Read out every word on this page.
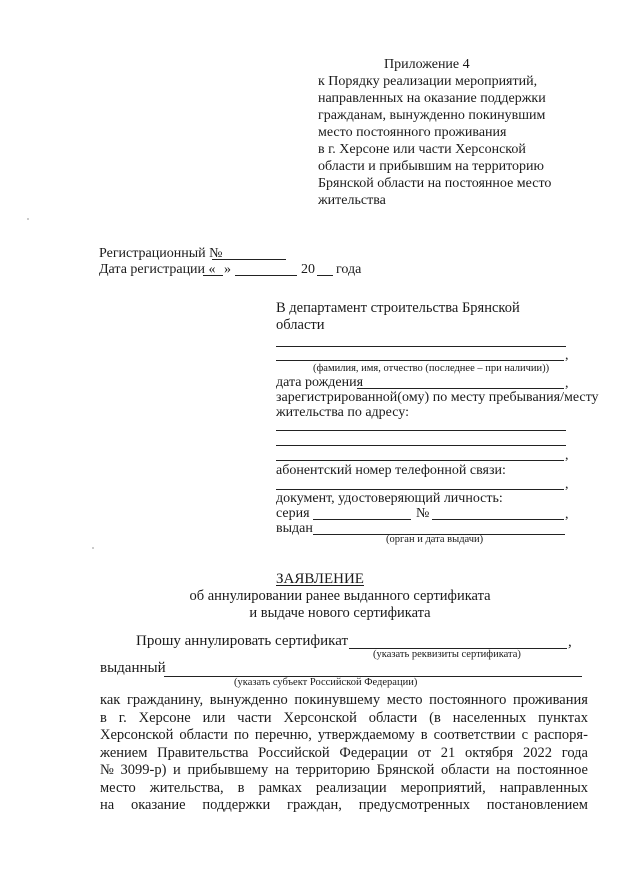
Приложение 4
к Порядку реализации мероприятий,
направленных на оказание поддержки
гражданам, вынужденно покинувшим
место постоянного проживания
в г. Херсоне или части Херсонской
области и прибывшим на территорию
Брянской области на постоянное место
жительства
Регистрационный №
Дата регистрации « »	20 года
В департамент строительства Брянской
области
,
(фамилия, имя, отчество (последнее – при наличии))
дата рождения	,
зарегистрированной(ому) по месту пребывания/месту
жительства по адресу:
,
абонентский номер телефонной связи:
,
документ, удостоверяющий личность:
серия	№	,
выдан
(орган и дата выдачи)
ЗАЯВЛЕНИЕ
об аннулировании ранее выданного сертификата
и выдаче нового сертификата
Прошу аннулировать сертификат	,
(указать реквизиты сертификата)
выданный
(указать субъект Российской Федерации)
как гражданину, вынужденно покинувшему место постоянного проживания
в г. Херсоне или части Херсонской области (в населенных пунктах
Херсонской области по перечню, утверждаемому в соответствии с распоря-
жением Правительства Российской Федерации от 21 октября 2022 года
№ 3099-р) и прибывшему на территорию Брянской области на постоянное
место жительства, в рамках реализации мероприятий, направленных
на оказание поддержки граждан, предусмотренных постановлением
